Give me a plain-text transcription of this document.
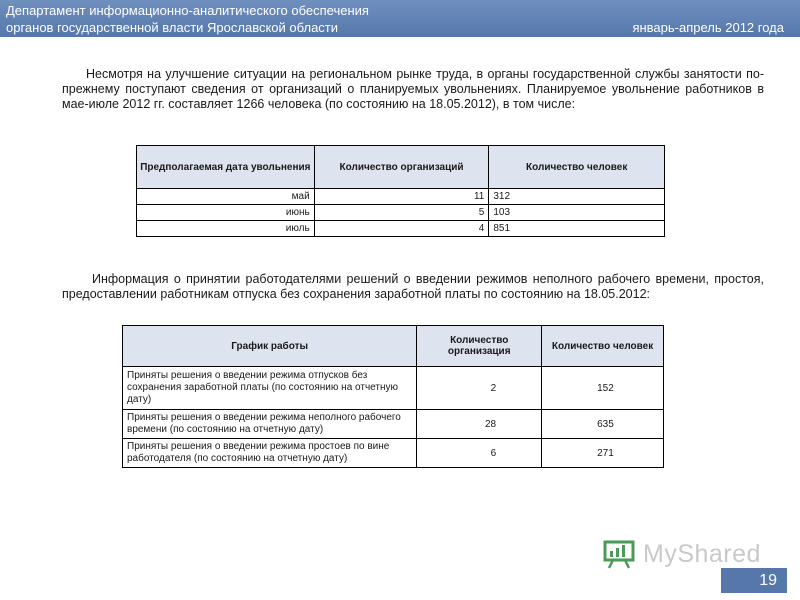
Департамент информационно-аналитического обеспечения
органов государственной власти Ярославской области	январь-апрель 2012 года
Несмотря на улучшение ситуации на региональном рынке труда, в органы государственной службы занятости по-прежнему поступают сведения от организаций о планируемых увольнениях. Планируемое увольнение работников в мае-июле 2012 гг. составляет 1266 человека (по состоянию на 18.05.2012), в том числе:
Предполагаемая дата увольнения	Количество организаций	Количество человек
май	11	312
июнь	5	103
июль	4	851
Информация о принятии работодателями решений о введении режимов неполного рабочего времени, простоя, предоставлении работникам отпуска без сохранения заработной платы по состоянию на 18.05.2012:
График работы	Количество организация	Количество человек
Приняты решения о введении режима отпусков без сохранения заработной платы (по состоянию на отчетную дату)	2	152
Приняты решения о введении режима неполного рабочего времени (по состоянию на отчетную дату)	28	635
Приняты решения о введении режима простоев по вине работодателя (по состоянию на отчетную дату)	6	271
MyShared
19
